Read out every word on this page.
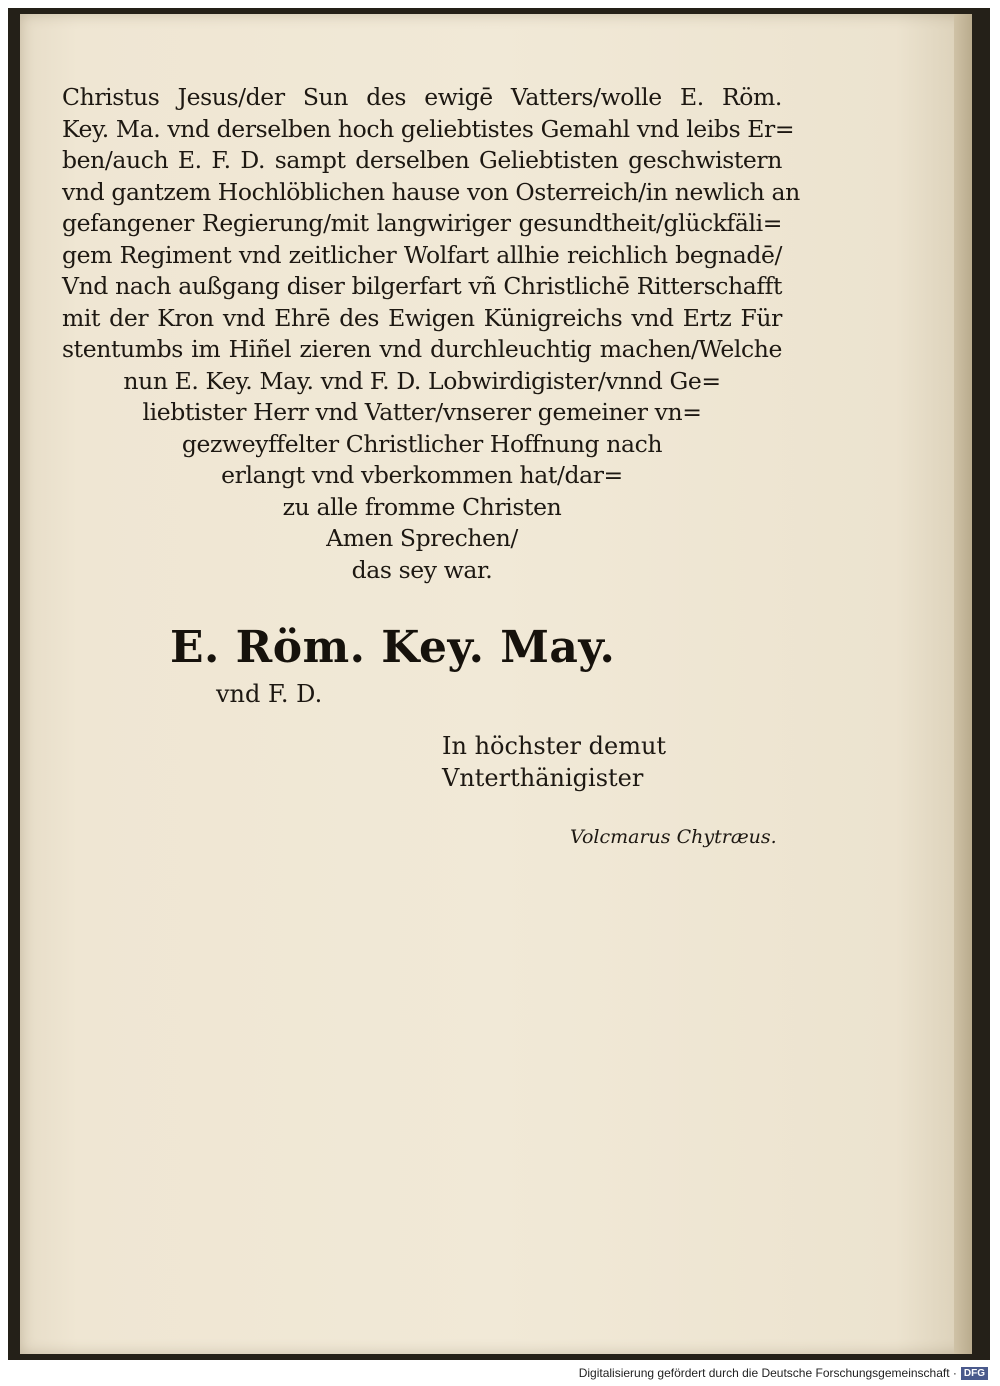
Christus Jesus/der Sun des ewigē Vatters/wolle E. Röm.
Key. Ma. vnd derselben hoch geliebtistes Gemahl vnd leibs Er=
ben/auch E. F. D. sampt derselben Geliebtisten geschwistern
vnd gantzem Hochlöblichen hause von Osterreich/in newlich an
gefangener Regierung/mit langwiriger gesundtheit/glückfäli=
gem Regiment vnd zeitlicher Wolfart allhie reichlich begnadē/
Vnd nach außgang diser bilgerfart vñ Christlichē Ritterschafft
mit der Kron vnd Ehrē des Ewigen Künigreichs vnd Ertz Für
stentumbs im Hiñel zieren vnd durchleuchtig machen/Welche
nun E. Key. May. vnd F. D. Lobwirdigister/vnnd Ge=
liebtister Herr vnd Vatter/vnserer gemeiner vn=
gezweyffelter Christlicher Hoffnung nach
erlangt vnd vberkommen hat/dar=
zu alle fromme Christen
Amen Sprechen/
das sey war.

E. Röm. Key. May.

vnd F. D.

In höchster demut
Vnterthänigister
Volcmarus Chytræus.
Digitalisierung gefördert durch die Deutsche Forschungsgemeinschaft · DFG
